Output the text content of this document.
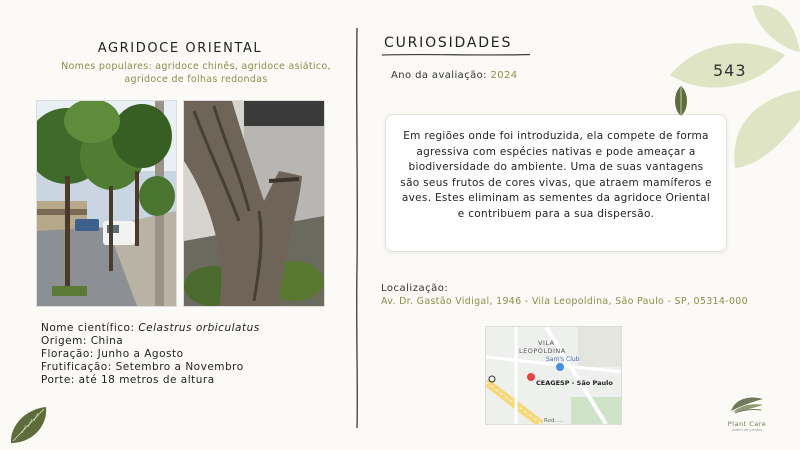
AGRIDOCE ORIENTAL
Nomes populares: agridoce chinês, agridoce asiático, agridoce de folhas redondas
Nome científico: Celastrus orbiculatus
Origem: China
Floração: Junho a Agosto
Frutificação: Setembro a Novembro
Porte: até 18 metros de altura
CURIOSIDADES
Ano da avaliação: 2024

Em regiões onde foi introduzida, ela compete de forma agressiva com espécies nativas e pode ameaçar a biodiversidade do ambiente. Uma de suas vantagens são seus frutos de cores vivas, que atraem mamíferos e aves. Estes eliminam as sementes da agridoce Oriental e contribuem para a sua dispersão.

Localização:
Av. Dr. Gastão Vidigal, 1946 - Vila Leopoldina, São Paulo - SP, 05314-000
VILA
LEOPOLDINA
Sam's Club
CEAGESP - São Paulo
Rod. ...
543
Plant Care
jardim de plantas
